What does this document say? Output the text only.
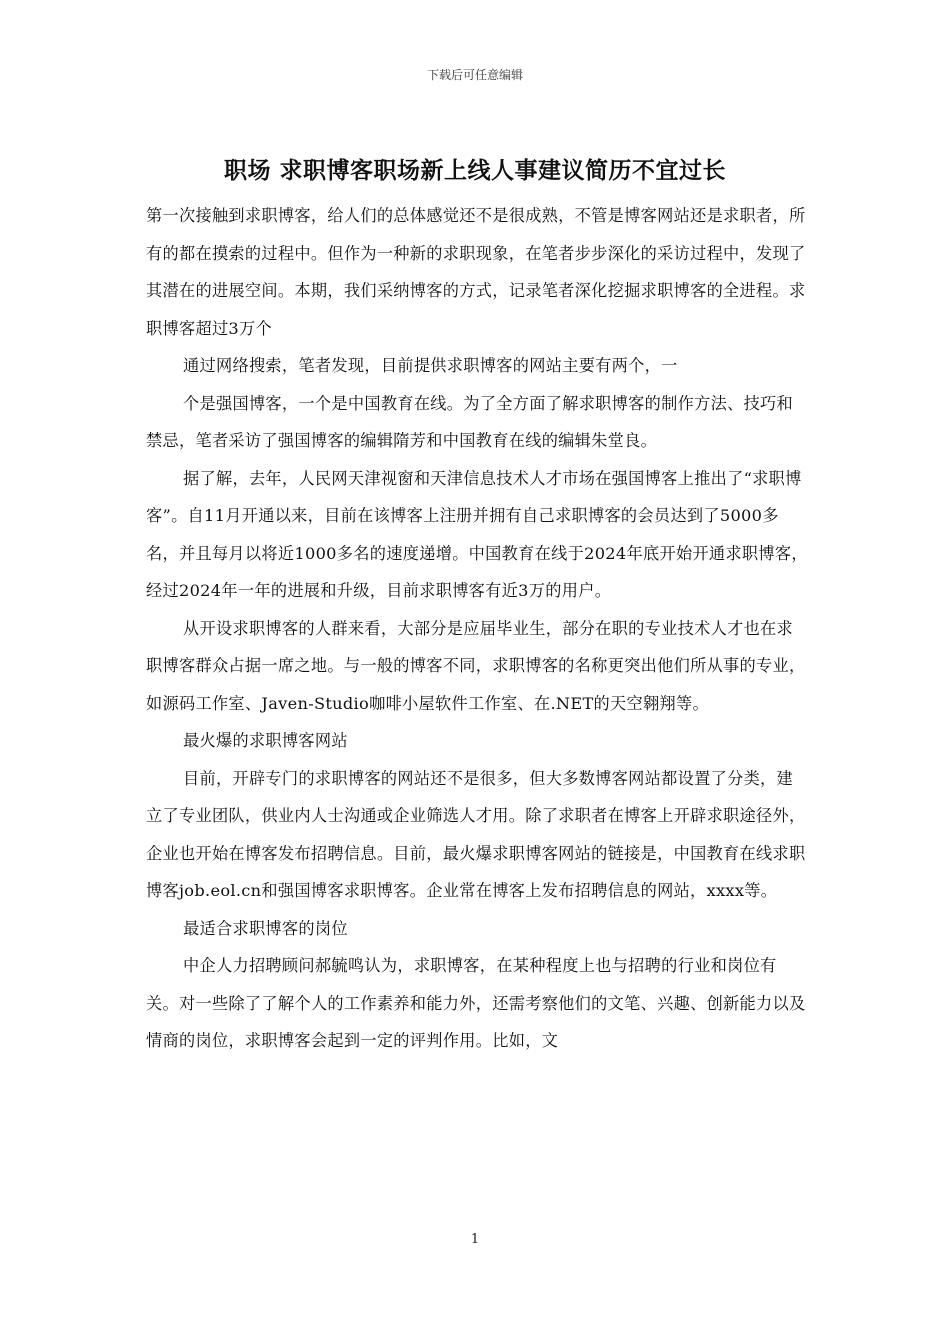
下载后可任意编辑
职场 求职博客职场新上线人事建议简历不宜过长

第一次接触到求职博客，给人们的总体感觉还不是很成熟，不管是博客网站还是求职者，所有的都在摸索的过程中。但作为一种新的求职现象，在笔者步步深化的采访过程中，发现了其潜在的进展空间。本期，我们采纳博客的方式，记录笔者深化挖掘求职博客的全进程。求职博客超过3万个

通过网络搜索，笔者发现，目前提供求职博客的网站主要有两个，一

个是强国博客，一个是中国教育在线。为了全方面了解求职博客的制作方法、技巧和禁忌，笔者采访了强国博客的编辑隋芳和中国教育在线的编辑朱堂良。

据了解，去年，人民网天津视窗和天津信息技术人才市场在强国博客上推出了“求职博客”。自11月开通以来，目前在该博客上注册并拥有自己求职博客的会员达到了5000多名，并且每月以将近1000多名的速度递增。中国教育在线于2024年底开始开通求职博客，经过2024年一年的进展和升级，目前求职博客有近3万的用户。

从开设求职博客的人群来看，大部分是应届毕业生，部分在职的专业技术人才也在求职博客群众占据一席之地。与一般的博客不同，求职博客的名称更突出他们所从事的专业，如源码工作室、Javen-Studio咖啡小屋软件工作室、在.NET的天空翱翔等。

最火爆的求职博客网站

目前，开辟专门的求职博客的网站还不是很多，但大多数博客网站都设置了分类，建立了专业团队，供业内人士沟通或企业筛选人才用。除了求职者在博客上开辟求职途径外，企业也开始在博客发布招聘信息。目前，最火爆求职博客网站的链接是，中国教育在线求职博客job.eol.cn和强国博客求职博客。企业常在博客上发布招聘信息的网站，xxxx等。

最适合求职博客的岗位

中企人力招聘顾问郝毓鸣认为，求职博客，在某种程度上也与招聘的行业和岗位有关。对一些除了了解个人的工作素养和能力外，还需考察他们的文笔、兴趣、创新能力以及情商的岗位，求职博客会起到一定的评判作用。比如，文

1
